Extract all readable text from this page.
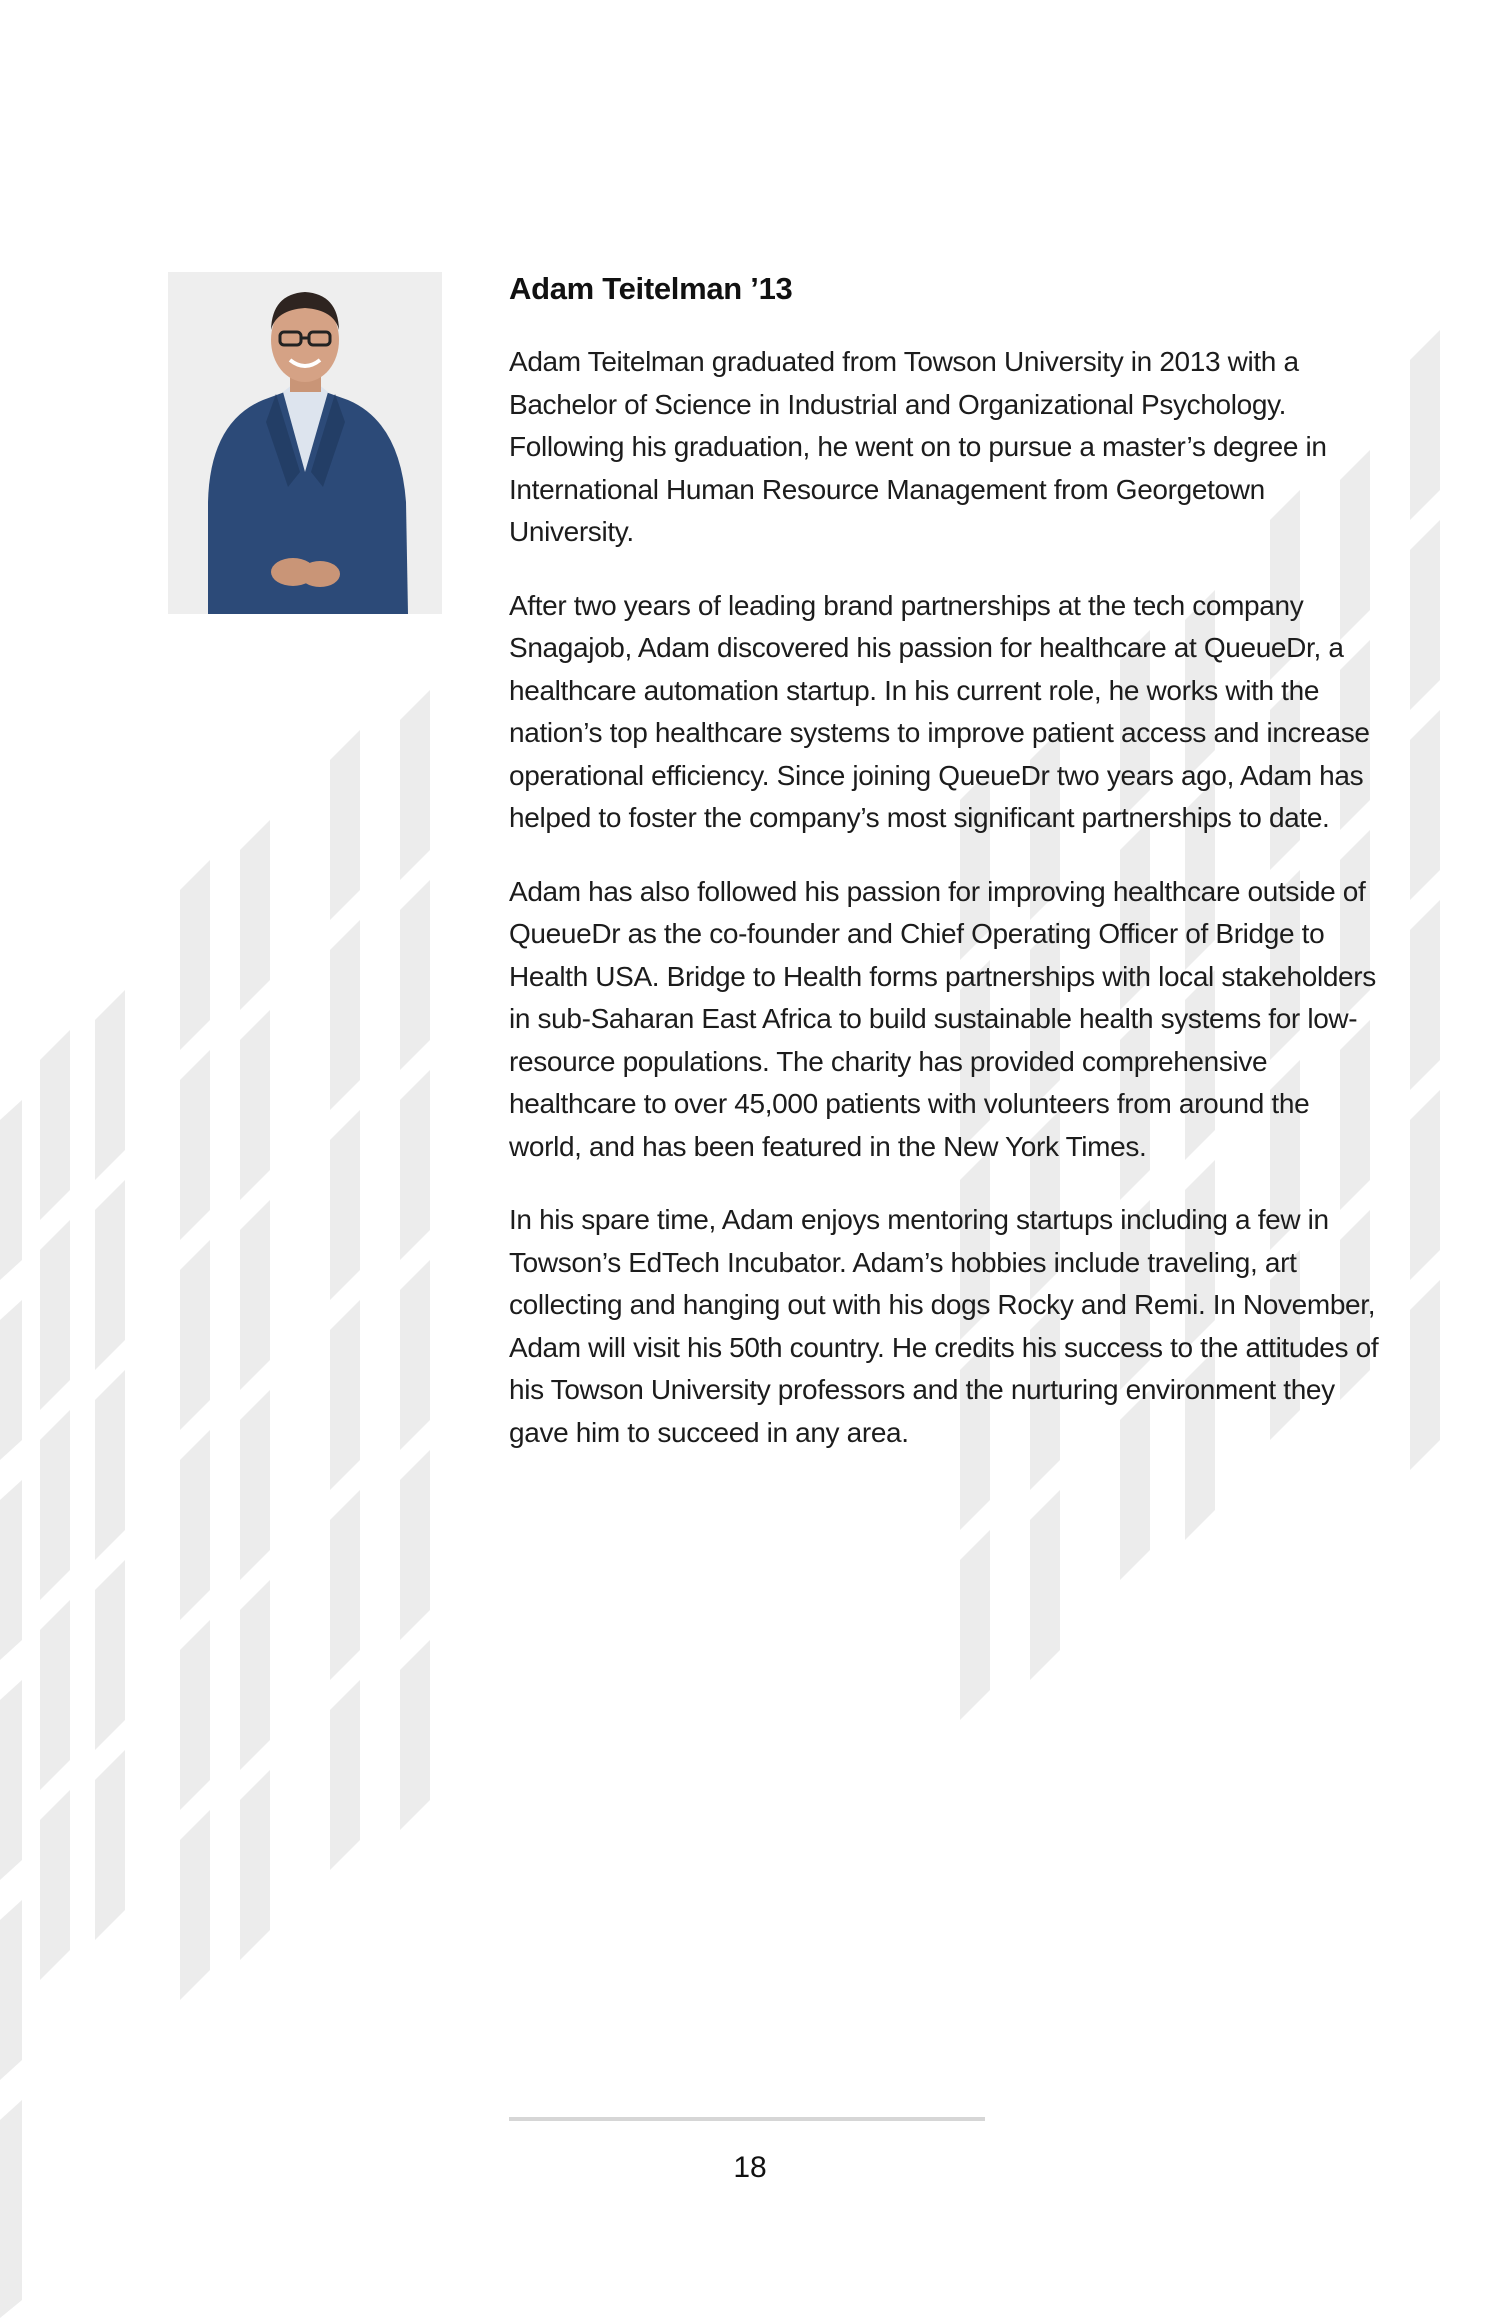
Adam Teitelman ’13

Adam Teitelman graduated from Towson University in 2013 with a Bachelor of Science in Industrial and Organizational Psychology. Following his graduation, he went on to pursue a master’s degree in International Human Resource Management from Georgetown University.

After two years of leading brand partnerships at the tech company Snagajob, Adam discovered his passion for healthcare at QueueDr, a healthcare automation startup. In his current role, he works with the nation’s top healthcare systems to improve patient access and increase operational efficiency. Since joining QueueDr two years ago, Adam has helped to foster the company’s most significant partnerships to date.

Adam has also followed his passion for improving healthcare outside of QueueDr as the co-founder and Chief Operating Officer of Bridge to Health USA. Bridge to Health forms partnerships with local stakeholders in sub-Saharan East Africa to build sustainable health systems for low-resource populations. The charity has provided comprehensive healthcare to over 45,000 patients with volunteers from around the world, and has been featured in the New York Times.

In his spare time, Adam enjoys mentoring startups including a few in Towson’s EdTech Incubator. Adam’s hobbies include traveling, art collecting and hanging out with his dogs Rocky and Remi. In November, Adam will visit his 50th country. He credits his success to the attitudes of his Towson University professors and the nurturing environment they gave him to succeed in any area.

18
